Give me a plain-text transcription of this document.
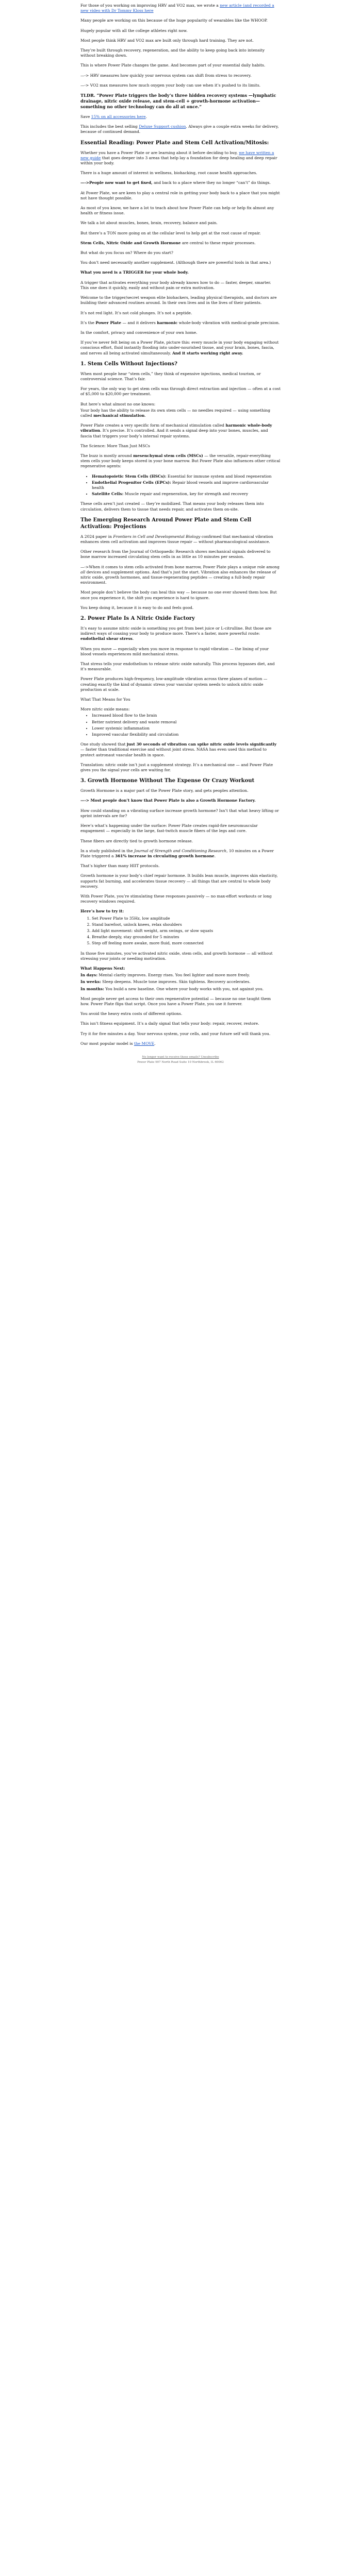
For those of you working on improving HRV and VO2 max, we wrote a new article (and recorded a new video with Dr Tommy Kloss here

Many people are working on this because of the huge popularity of wearables like the WHOOP.

Hugely popular with all the college athletes right now.

Most people think HRV and VO2 max are built only through hard training. They are not.

They’re built through recovery, regeneration, and the ability to keep going back into intensity without breaking down.

This is where Power Plate changes the game. And becomes part of your essential daily habits.

—-> HRV measures how quickly your nervous system can shift from stress to recovery.

—-> VO2 max measures how much oxygen your body can use when it’s pushed to its limits.

TLDR. “Power Plate triggers the body’s three hidden recovery systems —lymphatic drainage, nitric oxide release, and stem-cell + growth-hormone activation—something no other technology can do all at once.”

Save 15% on all accessories here.

This includes the best selling Deluxe Support cushion. Always give a couple extra weeks for delivery, because of continued demand.

Essential Reading: Power Plate and Stem Cell Activation/Mitosis:

Whether you have a Power Plate or are learning about it before deciding to buy, we have written a new guide that goes deeper into 3 areas that help lay a foundation for deep healing and deep repair within your body.

There is a huge amount of interest in wellness, biohacking, root cause health approaches.

—->People now want to get fixed, and back to a place where they no longer “can’t” do things.

At Power Plate, we are keen to play a central role in getting your body back to a place that you might not have thought possible.

As most of you know, we have a lot to teach about how Power Plate can help or help fix almost any health or fitness issue.

We talk a lot about muscles, bones, brain, recovery, balance and pain.

But there’s a TON more going on at the cellular level to help get at the root cause of repair.

Stem Cells, Nitric Oxide and Growth Hormone are central to these repair processes.

But what do you focus on? Where do you start?

You don’t need necessarily another supplement. (Although there are powerful tools in that area.)

What you need is a TRIGGER for your whole body.

A trigger that activates everything your body already knows how to do — faster, deeper, smarter. This one does it quickly, easily and without pain or extra motivation.

Welcome to the trigger/secret weapon elite biohackers, leading physical therapists, and doctors are building their advanced routines around. In their own lives and in the lives of their patients.

It’s not red light. It’s not cold plunges. It’s not a peptide.

It’s the Power Plate — and it delivers harmonic whole-body vibration with medical-grade precision.

In the comfort, privacy and convenience of your own home.

If you’ve never felt being on a Power Plate, picture this: every muscle in your body engaging without conscious effort, fluid instantly flooding into under-nourished tissue, and your brain, bones, fascia, and nerves all being activated simultaneously. And it starts working right away.

1. Stem Cells Without Injections?

When most people hear “stem cells,” they think of expensive injections, medical tourism, or controversial science. That’s fair.

For years, the only way to get stem cells was through direct extraction and injection — often at a cost of $5,000 to $20,000 per treatment.

But here’s what almost no one knows:

Your body has the ability to release its own stem cells — no needles required — using something called mechanical stimulation.

Power Plate creates a very specific form of mechanical stimulation called harmonic whole-body vibration. It’s precise. It’s controlled. And it sends a signal deep into your bones, muscles, and fascia that triggers your body’s internal repair systems.

The Science: More Than Just MSCs

The buzz is mostly around mesenchymal stem cells (MSCs) — the versatile, repair-everything stem cells your body keeps stored in your bone marrow. But Power Plate also influences other critical regenerative agents:

• Hematopoietic Stem Cells (HSCs): Essential for immune system and blood regeneration
• Endothelial Progenitor Cells (EPCs): Repair blood vessels and improve cardiovascular health
• Satellite Cells: Muscle repair and regeneration, key for strength and recovery

These cells aren’t just created — they’re mobilized. That means your body releases them into circulation, delivers them to tissue that needs repair, and activates them on-site.

The Emerging Research Around Power Plate and Stem Cell Activation: Projections

A 2024 paper in Frontiers in Cell and Developmental Biology confirmed that mechanical vibration enhances stem cell activation and improves tissue repair — without pharmacological assistance.

Other research from the Journal of Orthopaedic Research shows mechanical signals delivered to bone marrow increased circulating stem cells in as little as 10 minutes per session.

—->When it comes to stem cells activated from bone marrow, Power Plate plays a unique role among all devices and supplement options. And that’s just the start. Vibration also enhances the release of nitric oxide, growth hormones, and tissue-regenerating peptides — creating a full-body repair environment.

Most people don’t believe the body can heal this way — because no one ever showed them how. But once you experience it, the shift you experience is hard to ignore.

You keep doing it, because it is easy to do and feels good.

2. Power Plate Is A Nitric Oxide Factory

It’s easy to assume nitric oxide is something you get from beet juice or L-citrulline. But those are indirect ways of coaxing your body to produce more. There’s a faster, more powerful route: endothelial shear stress.

When you move — especially when you move in response to rapid vibration — the lining of your blood vessels experiences mild mechanical stress.

That stress tells your endothelium to release nitric oxide naturally. This process bypasses diet, and it’s measurable.

Power Plate produces high-frequency, low-amplitude vibration across three planes of motion — creating exactly the kind of dynamic stress your vascular system needs to unlock nitric oxide production at scale.

What That Means for You

More nitric oxide means:

• Increased blood flow to the brain
• Better nutrient delivery and waste removal
• Lower systemic inflammation
• Improved vascular flexibility and circulation

One study showed that just 30 seconds of vibration can spike nitric oxide levels significantly — faster than traditional exercise and without joint stress. NASA has even used this method to protect astronaut vascular health in space.

Translation: nitric oxide isn’t just a supplement strategy. It’s a mechanical one — and Power Plate gives you the signal your cells are waiting for.

3. Growth Hormone Without The Expense Or Crazy Workout

Growth Hormone is a major part of the Power Plate story, and gets peoples attention.

—-> Most people don’t know that Power Plate is also a Growth Hormone Factory.

How could standing on a vibrating surface increase growth hormone? Isn’t that what heavy lifting or sprint intervals are for?

Here’s what’s happening under the surface: Power Plate creates rapid-fire neuromuscular engagement — especially in the large, fast-twitch muscle fibers of the legs and core.

These fibers are directly tied to growth hormone release.

In a study published in the Journal of Strength and Conditioning Research, 10 minutes on a Power Plate triggered a 361% increase in circulating growth hormone.

That’s higher than many HIIT protocols.

Growth hormone is your body’s chief repair hormone. It builds lean muscle, improves skin elasticity, supports fat burning, and accelerates tissue recovery — all things that are central to whole body recovery.

With Power Plate, you’re stimulating these responses passively — no max-effort workouts or long recovery windows required.

Here’s how to try it:

1. Set Power Plate to 35Hz, low amplitude
2. Stand barefoot, unlock knees, relax shoulders
3. Add light movement: shift weight, arm swings, or slow squats
4. Breathe deeply, stay grounded for 5 minutes
5. Step off feeling more awake, more fluid, more connected

In those five minutes, you’ve activated nitric oxide, stem cells, and growth hormone — all without stressing your joints or needing motivation.

What Happens Next:

In days: Mental clarity improves. Energy rises. You feel lighter and move more freely.

In weeks: Sleep deepens. Muscle tone improves. Skin tightens. Recovery accelerates.

In months: You build a new baseline. One where your body works with you, not against you.

Most people never get access to their own regenerative potential — because no one taught them how. Power Plate flips that script. Once you have a Power Plate, you use it forever.

You avoid the heavy extra costs of different options.

This isn’t fitness equipment. It’s a daily signal that tells your body: repair, recover, restore.

Try it for five minutes a day. Your nervous system, your cells, and your future self will thank you.

Our most popular model is the MOVE.

No longer want to receive these emails? Unsubscribe
Power Plate 907 North Road Suite 10 Northbrook, IL 60062
